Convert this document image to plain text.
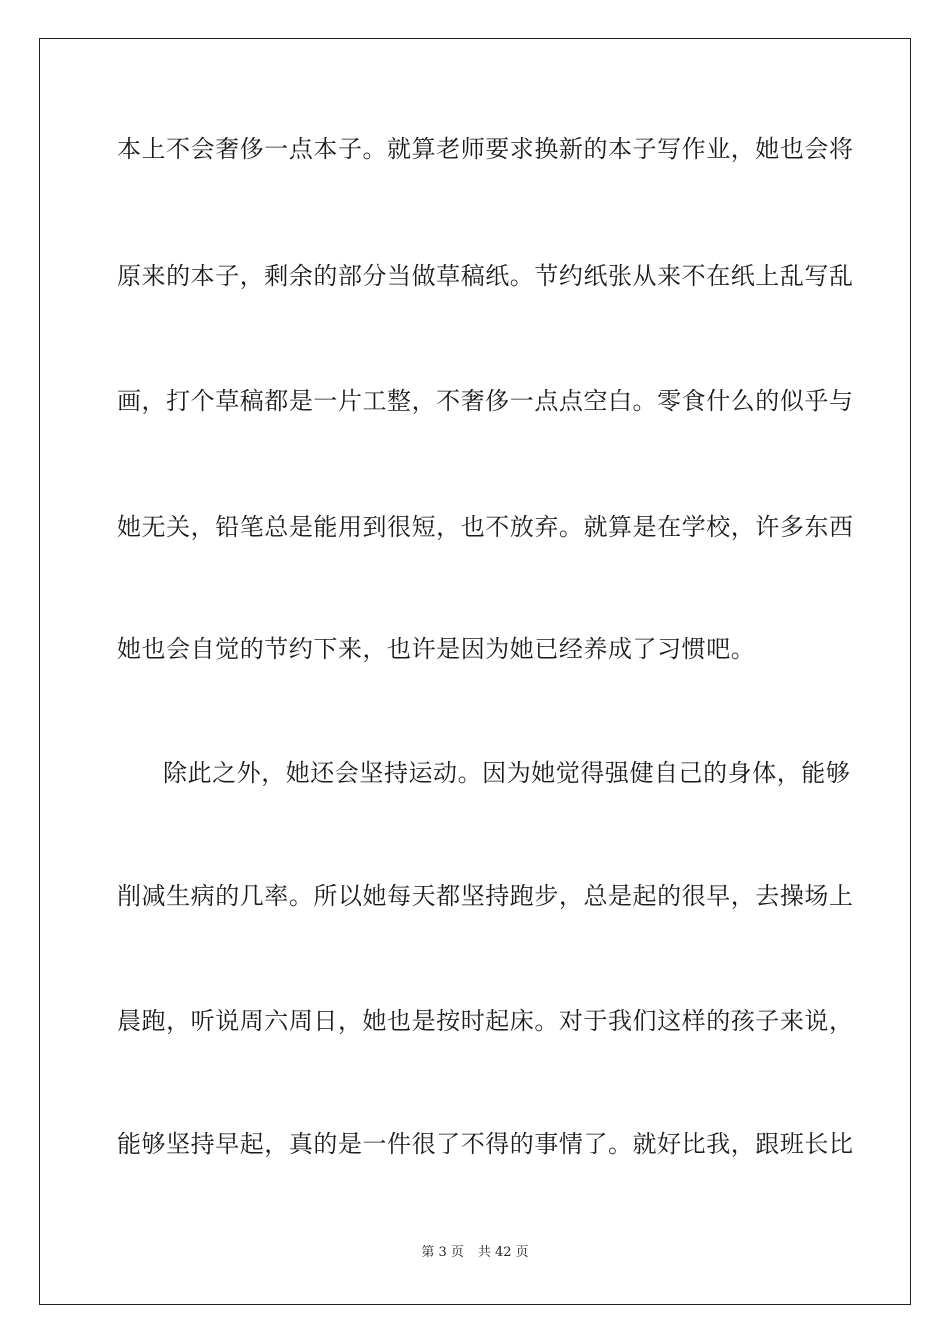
本上不会奢侈一点本子。就算老师要求换新的本子写作业，她也会将
原来的本子，剩余的部分当做草稿纸。节约纸张从来不在纸上乱写乱
画，打个草稿都是一片工整，不奢侈一点点空白。零食什么的似乎与
她无关，铅笔总是能用到很短，也不放弃。就算是在学校，许多东西
她也会自觉的节约下来，也许是因为她已经养成了习惯吧。
除此之外，她还会坚持运动。因为她觉得强健自己的身体，能够
削减生病的几率。所以她每天都坚持跑步，总是起的很早，去操场上
晨跑，听说周六周日，她也是按时起床。对于我们这样的孩子来说，
能够坚持早起，真的是一件很了不得的事情了。就好比我，跟班长比
第 3 页 共 42 页
